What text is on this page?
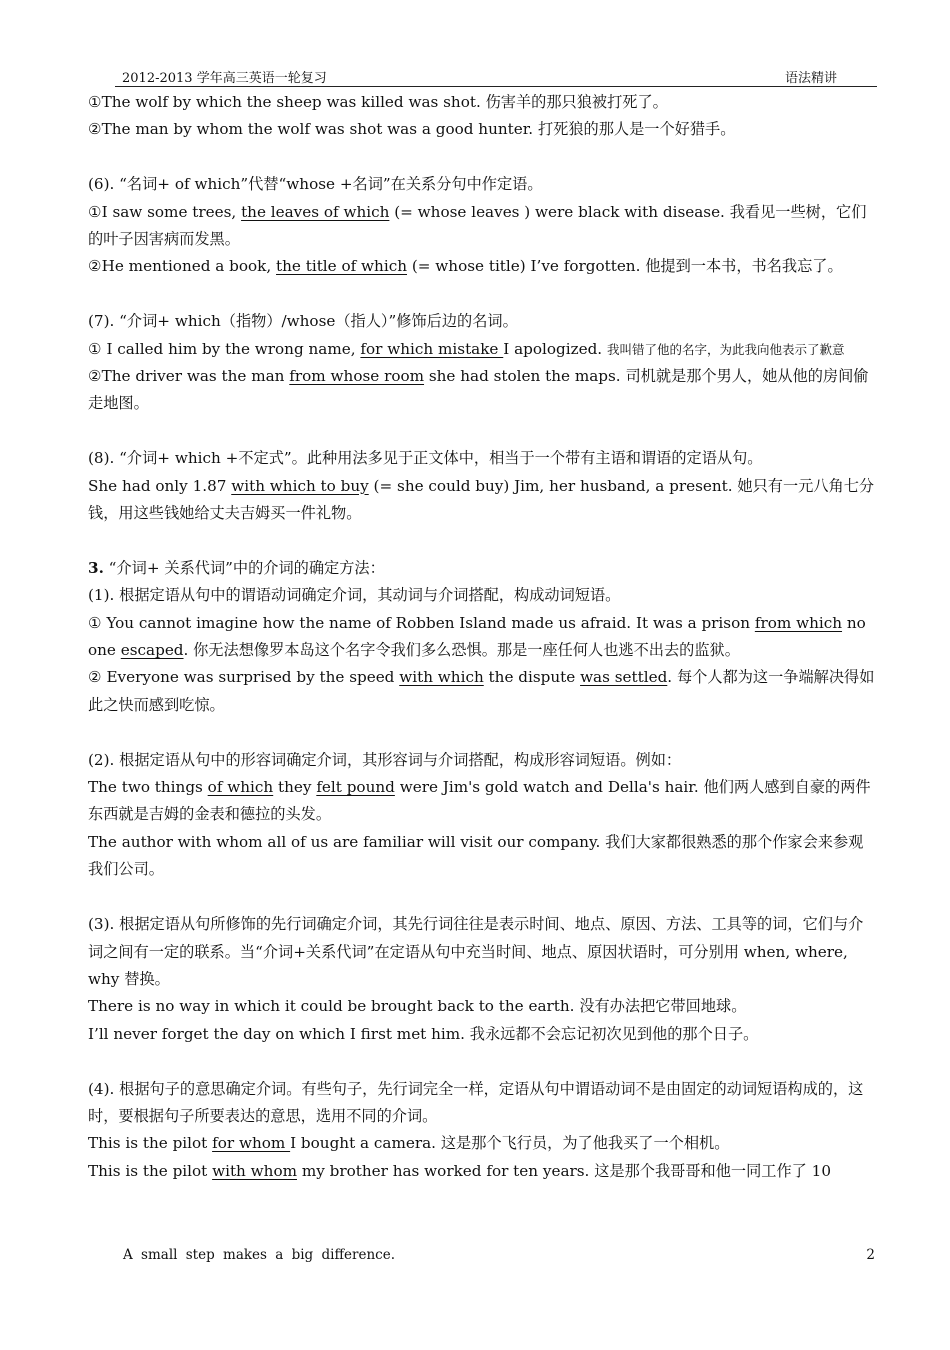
2012-2013 学年高三英语一轮复习	语法精讲

①The wolf by which the sheep was killed was shot. 伤害羊的那只狼被打死了。

②The man by whom the wolf was shot was a good hunter. 打死狼的那人是一个好猎手。

(6). “名词+ of which”代替“whose +名词”在关系分句中作定语。

①I saw some trees, the leaves of which (= whose leaves ) were black with disease. 我看见一些树，它们的叶子因害病而发黑。

②He mentioned a book, the title of which (= whose title) I’ve forgotten. 他提到一本书，书名我忘了。

(7). “介词+ which（指物）/whose（指人）”修饰后边的名词。

① I called him by the wrong name, for which mistake I apologized. 我叫错了他的名字，为此我向他表示了歉意

②The driver was the man from whose room she had stolen the maps. 司机就是那个男人，她从他的房间偷走地图。

(8). “介词+ which +不定式”。此种用法多见于正文体中，相当于一个带有主语和谓语的定语从句。

She had only 1.87 with which to buy (= she could buy) Jim, her husband, a present. 她只有一元八角七分钱，用这些钱她给丈夫吉姆买一件礼物。

3. “介词+ 关系代词”中的介词的确定方法：

(1). 根据定语从句中的谓语动词确定介词，其动词与介词搭配，构成动词短语。

① You cannot imagine how the name of Robben Island made us afraid. It was a prison from which no one escaped. 你无法想像罗本岛这个名字令我们多么恐惧。那是一座任何人也逃不出去的监狱。

② Everyone was surprised by the speed with which the dispute was settled. 每个人都为这一争端解决得如此之快而感到吃惊。

(2). 根据定语从句中的形容词确定介词，其形容词与介词搭配，构成形容词短语。例如：

The two things of which they felt pound were Jim's gold watch and Della's hair. 他们两人感到自豪的两件东西就是吉姆的金表和德拉的头发。

The author with whom all of us are familiar will visit our company. 我们大家都很熟悉的那个作家会来参观我们公司。

(3). 根据定语从句所修饰的先行词确定介词，其先行词往往是表示时间、地点、原因、方法、工具等的词，它们与介词之间有一定的联系。当“介词+关系代词”在定语从句中充当时间、地点、原因状语时，可分别用 when, where, why 替换。

There is no way in which it could be brought back to the earth. 没有办法把它带回地球。

I’ll never forget the day on which I first met him. 我永远都不会忘记初次见到他的那个日子。

(4). 根据句子的意思确定介词。有些句子，先行词完全一样，定语从句中谓语动词不是由固定的动词短语构成的，这时，要根据句子所要表达的意思，选用不同的介词。

This is the pilot for whom I bought a camera. 这是那个飞行员，为了他我买了一个相机。

This is the pilot with whom my brother has worked for ten years. 这是那个我哥哥和他一同工作了 10

A small step makes a big difference.	2
